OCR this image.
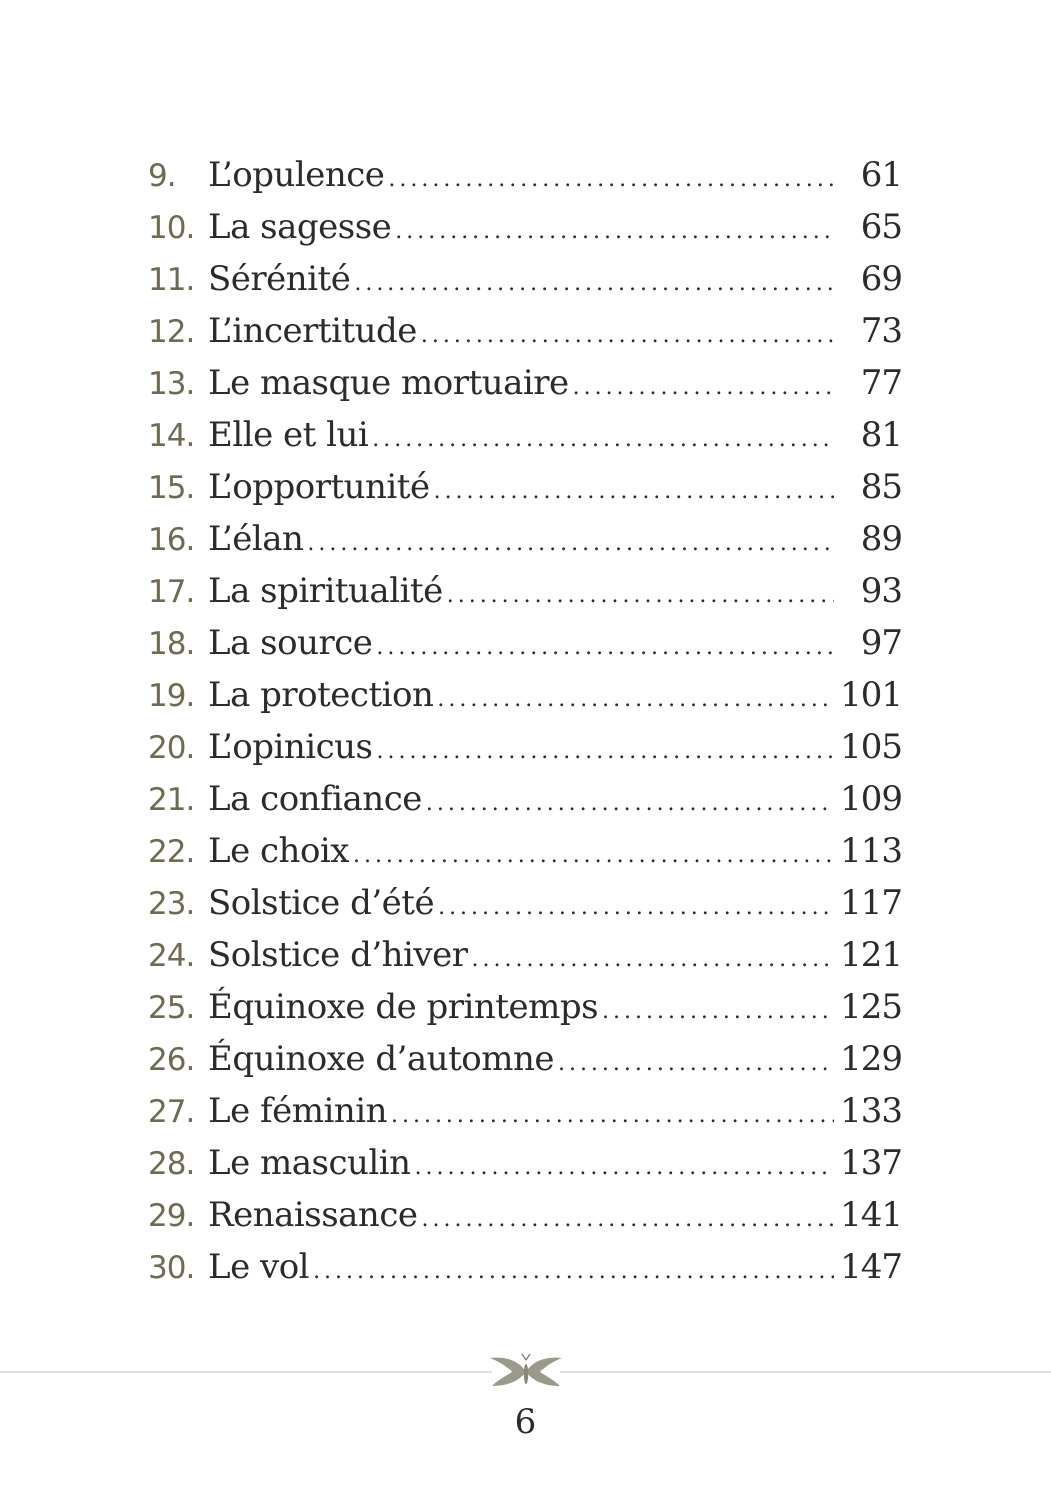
9. L’opulence . . .	61
10. La sagesse . . .	65
11. Sérénité . . .	69
12. L’incertitude . . .	73
13. Le masque mortuaire . . .	77
14. Elle et lui . . .	81
15. L’opportunité . . .	85
16. L’élan . . .	89
17. La spiritualité . . .	93
18. La source . . .	97
19. La protection . . .	101
20. L’opinicus . . .	105
21. La confiance . . .	109
22. Le choix . . .	113
23. Solstice d’été . . .	117
24. Solstice d’hiver . . .	121
25. Équinoxe de printemps . . .	125
26. Équinoxe d’automne . . .	129
27. Le féminin . . .	133
28. Le masculin . . .	137
29. Renaissance . . .	141
30. Le vol . . .	147
6
